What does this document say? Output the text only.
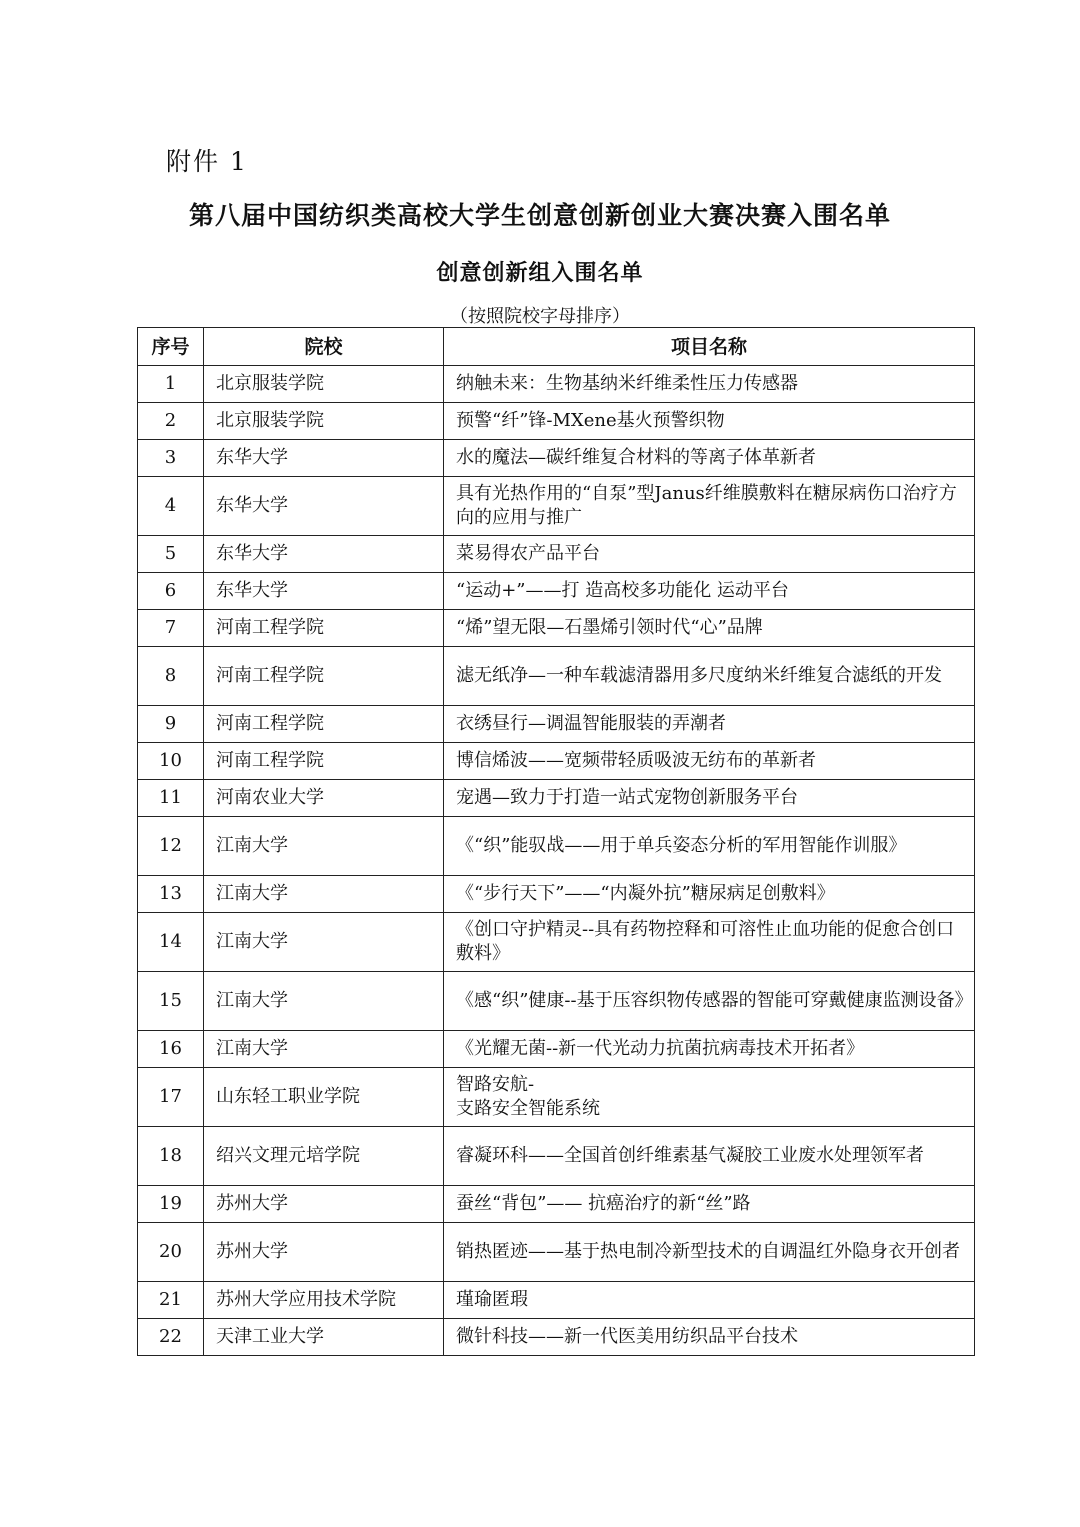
附件 1
第八届中国纺织类高校大学生创意创新创业大赛决赛入围名单
创意创新组入围名单
（按照院校字母排序）
序号	院校	项目名称
1	北京服装学院	纳触未来：生物基纳米纤维柔性压力传感器
2	北京服装学院	预警“纤”锋-MXene基火预警织物
3	东华大学	水的魔法—碳纤维复合材料的等离子体革新者
4	东华大学	具有光热作用的“自泵”型Janus纤维膜敷料在糖尿病伤口治疗方向的应用与推广
5	东华大学	菜易得农产品平台
6	东华大学	“运动+”——打 造高校多功能化 运动平台
7	河南工程学院	“烯”望无限—石墨烯引领时代“心”品牌
8	河南工程学院	滤无纸净—一种车载滤清器用多尺度纳米纤维复合滤纸的开发
9	河南工程学院	衣绣昼行—调温智能服装的弄潮者
10	河南工程学院	博信烯波——宽频带轻质吸波无纺布的革新者
11	河南农业大学	宠遇—致力于打造一站式宠物创新服务平台
12	江南大学	《“织”能驭战——用于单兵姿态分析的军用智能作训服》
13	江南大学	《“步行天下”——“内凝外抗”糖尿病足创敷料》
14	江南大学	《创口守护精灵--具有药物控释和可溶性止血功能的促愈合创口敷料》
15	江南大学	《感“织”健康--基于压容织物传感器的智能可穿戴健康监测设备》
16	江南大学	《光耀无菌--新一代光动力抗菌抗病毒技术开拓者》
17	山东轻工职业学院	智路安航-
支路安全智能系统
18	绍兴文理元培学院	睿凝环科——全国首创纤维素基气凝胶工业废水处理领军者
19	苏州大学	蚕丝“背包”—— 抗癌治疗的新“丝”路
20	苏州大学	销热匿迹——基于热电制冷新型技术的自调温红外隐身衣开创者
21	苏州大学应用技术学院	瑾瑜匿瑕
22	天津工业大学	微针科技——新一代医美用纺织品平台技术
